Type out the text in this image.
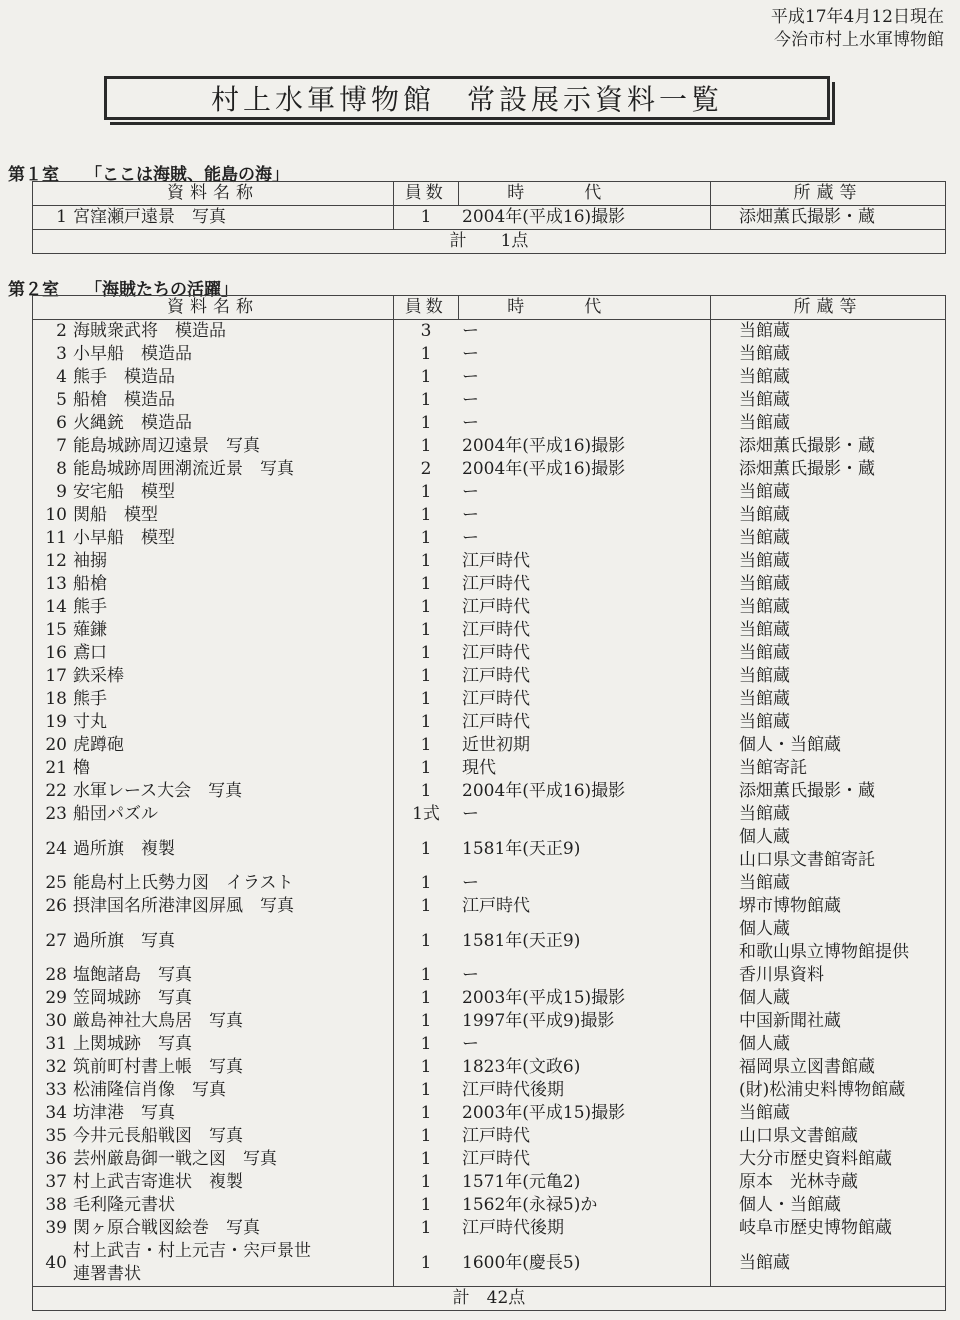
平成17年4月12日現在
今治市村上水軍博物館
村上水軍博物館　常設展示資料一覧
第１室 「ここは海賊、能島の海」
資料名称		員数	時代	所蔵等
1	宮窪瀬戸遠景　写真	1	2004年(平成16)撮影	添畑薫氏撮影・蔵
計　　1点				
第２室 「海賊たちの活躍」
資料名称		員数	時代	所蔵等
2	海賊衆武将　模造品	3	ー	当館蔵
3	小早船　模造品	1	ー	当館蔵
4	熊手　模造品	1	ー	当館蔵
5	船槍　模造品	1	ー	当館蔵
6	火縄銃　模造品	1	ー	当館蔵
7	能島城跡周辺遠景　写真	1	2004年(平成16)撮影	添畑薫氏撮影・蔵
8	能島城跡周囲潮流近景　写真	2	2004年(平成16)撮影	添畑薫氏撮影・蔵
9	安宅船　模型	1	ー	当館蔵
10	関船　模型	1	ー	当館蔵
11	小早船　模型	1	ー	当館蔵
12	袖搦	1	江戸時代	当館蔵
13	船槍	1	江戸時代	当館蔵
14	熊手	1	江戸時代	当館蔵
15	薙鎌	1	江戸時代	当館蔵
16	鳶口	1	江戸時代	当館蔵
17	鉄采棒	1	江戸時代	当館蔵
18	熊手	1	江戸時代	当館蔵
19	寸丸	1	江戸時代	当館蔵
20	虎蹲砲	1	近世初期	個人・当館蔵
21	櫓	1	現代	当館寄託
22	水軍レース大会　写真	1	2004年(平成16)撮影	添畑薫氏撮影・蔵
23	船団パズル	1式	ー	当館蔵
24	過所旗　複製	1	1581年(天正9)	個人蔵
山口県文書館寄託

25	能島村上氏勢力図　イラスト	1	ー	当館蔵
26	摂津国名所港津図屏風　写真	1	江戸時代	堺市博物館蔵
27	過所旗　写真	1	1581年(天正9)	個人蔵
和歌山県立博物館提供

28	塩飽諸島　写真	1	ー	香川県資料
29	笠岡城跡　写真	1	2003年(平成15)撮影	個人蔵
30	厳島神社大鳥居　写真	1	1997年(平成9)撮影	中国新聞社蔵
31	上関城跡　写真	1	ー	個人蔵
32	筑前町村書上帳　写真	1	1823年(文政6)	福岡県立図書館蔵
33	松浦隆信肖像　写真	1	江戸時代後期	(財)松浦史料博物館蔵
34	坊津港　写真	1	2003年(平成15)撮影	当館蔵
35	今井元長船戦図　写真	1	江戸時代	山口県文書館蔵
36	芸州厳島御一戦之図　写真	1	江戸時代	大分市歴史資料館蔵
37	村上武吉寄進状　複製	1	1571年(元亀2)	原本　光林寺蔵
38	毛利隆元書状	1	1562年(永禄5)か	個人・当館蔵
39	関ヶ原合戦図絵巻　写真	1	江戸時代後期	岐阜市歴史博物館蔵
40	村上武吉・村上元吉・宍戸景世
連署書状	1	1600年(慶長5)	当館蔵
計　42点				
